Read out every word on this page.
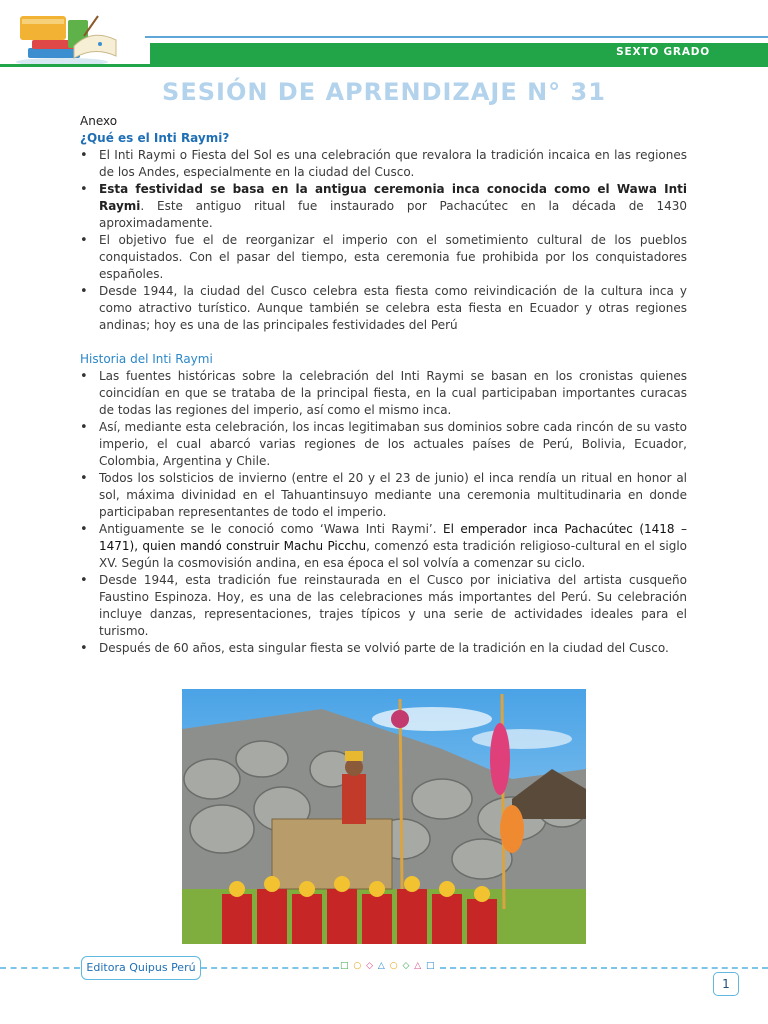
SEXTO GRADO
SESIÓN DE APRENDIZAJE N° 31

Anexo

¿Qué es el Inti Raymi?

• El Inti Raymi o Fiesta del Sol es una celebración que revalora la tradición incaica en las regiones de los Andes, especialmente en la ciudad del Cusco.
• Esta festividad se basa en la antigua ceremonia inca conocida como el Wawa Inti Raymi. Este antiguo ritual fue instaurado por Pachacútec en la década de 1430 aproximadamente.
• El objetivo fue el de reorganizar el imperio con el sometimiento cultural de los pueblos conquistados. Con el pasar del tiempo, esta ceremonia fue prohibida por los conquistadores españoles.
• Desde 1944, la ciudad del Cusco celebra esta fiesta como reivindicación de la cultura inca y como atractivo turístico. Aunque también se celebra esta fiesta en Ecuador y otras regiones andinas; hoy es una de las principales festividades del Perú

Historia del Inti Raymi

• Las fuentes históricas sobre la celebración del Inti Raymi se basan en los cronistas quienes coincidían en que se trataba de la principal fiesta, en la cual participaban importantes curacas de todas las regiones del imperio, así como el mismo inca.
• Así, mediante esta celebración, los incas legitimaban sus dominios sobre cada rincón de su vasto imperio, el cual abarcó varias regiones de los actuales países de Perú, Bolivia, Ecuador, Colombia, Argentina y Chile.
• Todos los solsticios de invierno (entre el 20 y el 23 de junio) el inca rendía un ritual en honor al sol, máxima divinidad en el Tahuantinsuyo mediante una ceremonia multitudinaria en donde participaban representantes de todo el imperio.
• Antiguamente se le conoció como ‘Wawa Inti Raymi’. El emperador inca Pachacútec (1418 – 1471), quien mandó construir Machu Picchu, comenzó esta tradición religioso-cultural en el siglo XV. Según la cosmovisión andina, en esa época el sol volvía a comenzar su ciclo.
• Desde 1944, esta tradición fue reinstaurada en el Cusco por iniciativa del artista cusqueño Faustino Espinoza. Hoy, es una de las celebraciones más importantes del Perú. Su celebración incluye danzas, representaciones, trajes típicos y una serie de actividades ideales para el turismo.
• Después de 60 años, esta singular fiesta se volvió parte de la tradición en la ciudad del Cusco.
Editora Quipus Perú	□ ○ ◇ △ ○ ◇ △ □
1
